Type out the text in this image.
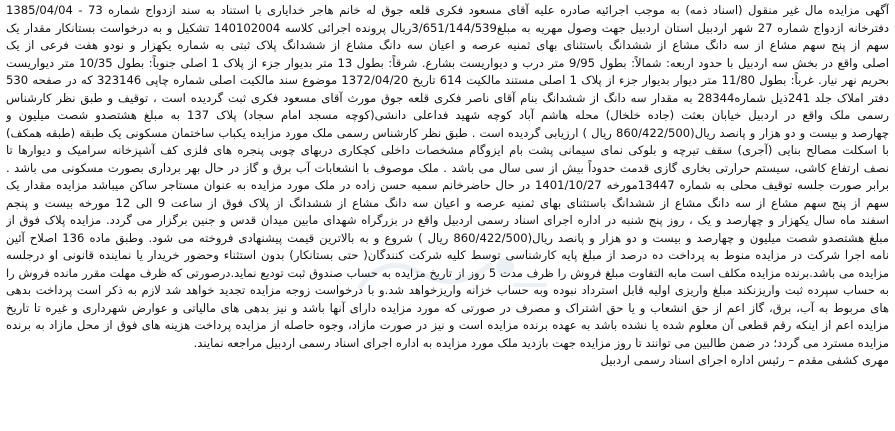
آگهی مزایده مال غیر منقول (اسناد ذمه) به موجب اجرائیه صادره علیه آقای مسعود فکری قلعه جوق له خانم هاجر خدایاری با استناد به سند ازدواج شماره 73 - 1385/04/04
دفترخانه ازدواج شماره 27 شهر اردبیل استان اردبیل جهت وصول مهریه به مبلغ3/651/144/539ریال پرونده اجرائی کلاسه 140102004 تشکیل و به درخواست بستانکار مقدار یک
سهم از پنج سهم مشاع از سه دانگ مشاع از ششدانگ باستثنای بهای ثمنیه عرصه و اعیان سه دانگ مشاع از ششدانگ پلاک ثبتی به شماره یکهزار و نودو هفت فرعی از یک
اصلی واقع در بخش سه اردبیل با حدود اربعه: شمالاً: بطول 9/95 متر درب و دیواریست بشارع. شرقاً: بطول 13 متر بدیوار جزء از پلاک 1 اصلی جنوباً: بطول 10/35 متر دیواریست
بحریم نهر نیار. غرباً: بطول 11/80 متر دیوار بدیوار جزء از پلاک 1 اصلی مستند مالکیت 614 تاریخ 1372/04/20 موضوع سند مالکیت اصلی شماره چاپی 323146 که در صفحه 530
دفتر املاک جلد 241ذیل شماره28344 به مقدار سه دانگ از ششدانگ بنام آقای ناصر فکری قلعه جوق مورث آقای مسعود فکری ثبت گردیده است ، توقیف و طبق نظر کارشناس
رسمی ملک واقع در اردبیل خیابان بعثت (جاده خلخال) محله هاشم آباد کوچه شهید فداعلی دانشی(کوچه مسجد امام سجاد) پلاک 137 به مبلغ هشتصدو شصت میلیون و
چهارصد و بیست و دو هزار و پانصد ریال(860/422/500 ریال ) ارزیابی گردیده است . طبق نظر کارشناس رسمی ملک مورد مزایده یکباب ساختمان مسکونی یک طبقه (طبقه همکف)
با اسکلت مصالح بنایی (آجری) سقف تیرچه و بلوکی نمای سیمانی پشت بام ایزوگام مشخصات داخلی کچکاری دربهای چوبی پنجره های فلزی کف آشپزخانه سرامیک و دیوارها تا
نصف ارتفاع کاشی، سیستم حرارتی بخاری گازی قدمت حدوداً بیش از سی سال می باشد . ملک موصوف با انشعابات آب برق و گاز در حال بهر برداری بصورت مسکونی می باشد .
برابر صورت جلسه توقیف محلی به شماره 13447مورخه 1401/10/27 در حال حاضرخانم سمیه حسن زاده در ملک مورد مزایده به عنوان مستاجر ساکن میباشد مزایده مقدار یک
سهم از پنج سهم مشاع از سه دانگ مشاع از ششدانگ باستثنای بهای ثمنیه عرصه و اعیان سه دانگ مشاع از ششدانگ از پلاک فوق از ساعت 9 الی 12 مورخه بیست و پنجم
اسفند ماه سال یکهزار و چهارصد و یک ، روز پنج شنبه در اداره اجرای اسناد رسمی اردبیل واقع در بزرگراه شهدای مابین میدان قدس و جنین برگزار می گردد. مزایده پلاک فوق از
مبلغ هشتصدو شصت میلیون و چهارصد و بیست و دو هزار و پانصد ریال(860/422/500 ریال ) شروع و به بالاترین قیمت پیشنهادی فروخته می شود. وطبق ماده 136 اصلاح آئین
نامه اجرا شرکت در مزایده منوط به پرداخت ده درصد از مبلغ پایه کارشناسی توسط کلیه شرکت کنندگان( حتی بستانکار) بدون استثناء وحضور خریدار یا نماینده قانونی او درجلسه
مزایده می باشد.برنده مزایده مکلف است مابه التفاوت مبلغ فروش را ظرف مدت 5 روز از تاریخ مزایده به حساب صندوق ثبت تودیع نماید.درصورتی که ظرف مهلت مقرر مانده فروش را
به حساب سپرده ثبت واریزنکند مبلغ واریزی اولیه قابل استرداد نبوده وبه حساب خزانه واریزخواهد شد.و با درخواست زوجه مزایده تجدید خواهد شد لازم به ذکر است پرداخت بدهی
های مربوط به آب، برق، گاز اعم از حق انشعاب و یا حق اشتراک و مصرف در صورتی که مورد مزایده دارای آنها باشد و نیز بدهی های مالیاتی و عوارض شهرداری و غیره تا تاریخ
مزایده اعم از اینکه رقم قطعی آن معلوم شده یا نشده باشد به عهده برنده مزایده است و نیز در صورت مازاد، وجوه حاصله از مزایده پرداخت هزینه های فوق از محل مازاد به برنده
مزایده مسترد می گردد؛ در ضمن طالبین می توانند تا روز مزایده جهت بازدید ملک مورد مزایده به اداره اجرای اسناد رسمی اردبیل مراجعه نمایند.
مهری کشفی مقدم – رئیس اداره اجرای اسناد رسمی اردبیل
